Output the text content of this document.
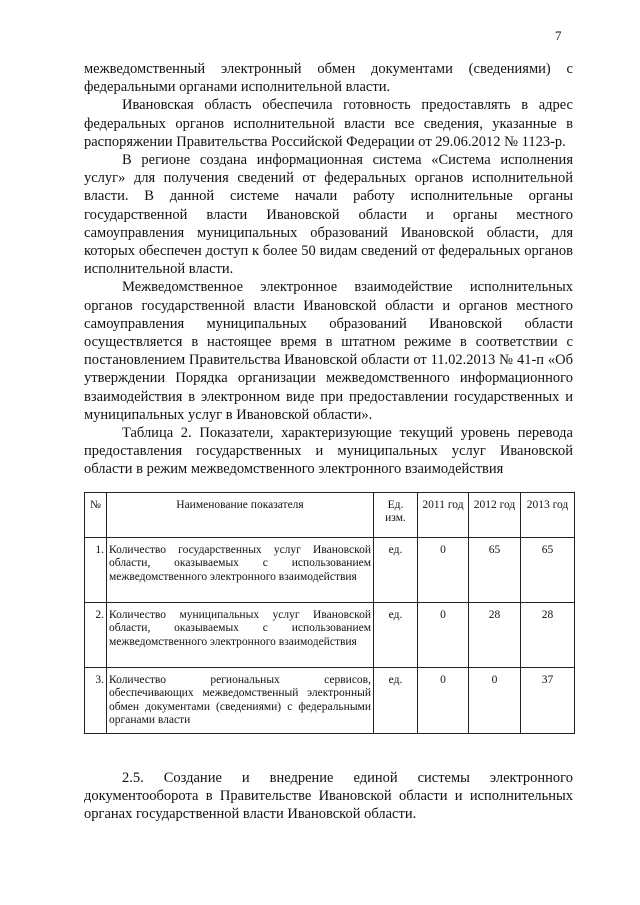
7

межведомственный электронный обмен документами (сведениями) с федеральными органами исполнительной власти.

Ивановская область обеспечила готовность предоставлять в адрес федеральных органов исполнительной власти все сведения, указанные в распоряжении Правительства Российской Федерации от 29.06.2012 № 1123-р.

В регионе создана информационная система «Система исполнения услуг» для получения сведений от федеральных органов исполнительной власти. В данной системе начали работу исполнительные органы государственной власти Ивановской области и органы местного самоуправления муниципальных образований Ивановской области, для которых обеспечен доступ к более 50 видам сведений от федеральных органов исполнительной власти.

Межведомственное электронное взаимодействие исполнительных органов государственной власти Ивановской области и органов местного самоуправления муниципальных образований Ивановской области осуществляется в настоящее время в штатном режиме в соответствии с постановлением Правительства Ивановской области от 11.02.2013 № 41-п «Об утверждении Порядка организации межведомственного информационного взаимодействия в электронном виде при предоставлении государственных и муниципальных услуг в Ивановской области».

Таблица 2. Показатели, характеризующие текущий уровень перевода предоставления государственных и муниципальных услуг Ивановской области в режим межведомственного электронного взаимодействия

№	Наименование показателя	Ед. изм.	2011 год	2012 год	2013 год
1.	Количество государственных услуг Ивановской области, оказываемых с использованием межведомственного электронного взаимодействия	ед.	0	65	65
2.	Количество муниципальных услуг Ивановской области, оказываемых с использованием межведомственного электронного взаимодействия	ед.	0	28	28
3.	Количество региональных сервисов, обеспечивающих межведомственный электронный обмен документами (сведениями) с федеральными органами власти	ед.	0	0	37

2.5. Создание и внедрение единой системы электронного документооборота в Правительстве Ивановской области и исполнительных органах государственной власти Ивановской области.
